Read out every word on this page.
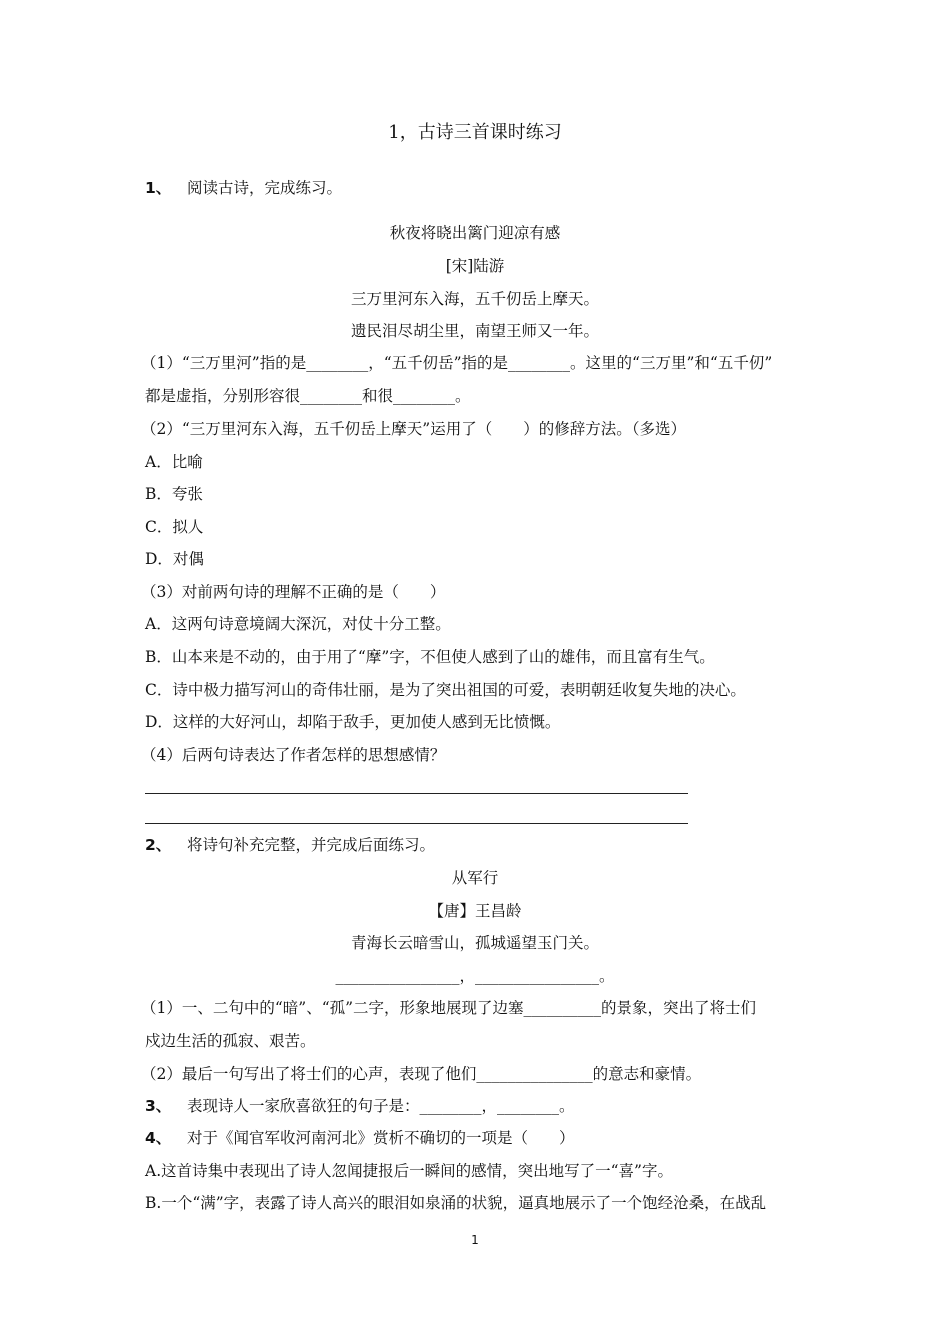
1，古诗三首课时练习
1、 阅读古诗，完成练习。
秋夜将晓出篱门迎凉有感
[宋]陆游
三万里河东入海，五千仞岳上摩天。
遗民泪尽胡尘里，南望王师又一年。
（1）“三万里河”指的是________，“五千仞岳”指的是________。这里的“三万里”和“五千仞”
都是虚指，分别形容很________和很________。
（2）“三万里河东入海，五千仞岳上摩天”运用了（　　）的修辞方法。（多选）
A．比喻
B．夸张
C．拟人
D．对偶
（3）对前两句诗的理解不正确的是（　　）
A．这两句诗意境阔大深沉，对仗十分工整。
B．山本来是不动的，由于用了“摩”字，不但使人感到了山的雄伟，而且富有生气。
C．诗中极力描写河山的奇伟壮丽，是为了突出祖国的可爱，表明朝廷收复失地的决心。
D．这样的大好河山，却陷于敌手，更加使人感到无比愤慨。
（4）后两句诗表达了作者怎样的思想感情？
2、 将诗句补充完整，并完成后面练习。
从军行
【唐】王昌龄
青海长云暗雪山，孤城遥望玉门关。
________________，________________。
（1）一、二句中的“暗”、“孤”二字，形象地展现了边塞__________的景象，突出了将士们
戍边生活的孤寂、艰苦。
（2）最后一句写出了将士们的心声，表现了他们_______________的意志和豪情。
3、 表现诗人一家欣喜欲狂的句子是：________，________。
4、 对于《闻官军收河南河北》赏析不确切的一项是（　　）
A.这首诗集中表现出了诗人忽闻捷报后一瞬间的感情，突出地写了一“喜”字。
B.一个“满”字，表露了诗人高兴的眼泪如泉涌的状貌，逼真地展示了一个饱经沧桑，在战乱
1
